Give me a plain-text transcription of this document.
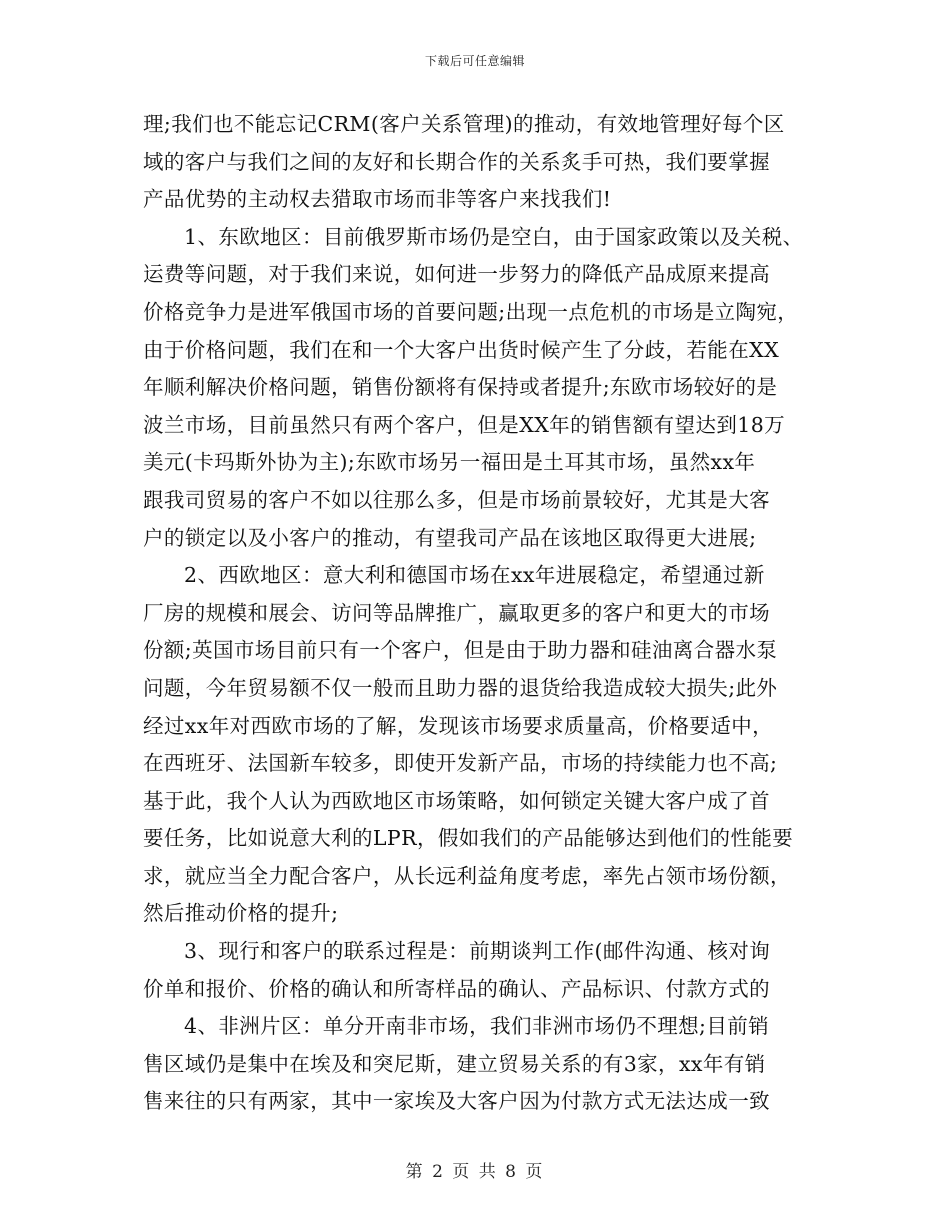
下载后可任意编辑
理;我们也不能忘记CRM(客户关系管理)的推动，有效地管理好每个区
域的客户与我们之间的友好和长期合作的关系炙手可热，我们要掌握
产品优势的主动权去猎取市场而非等客户来找我们!
1、东欧地区：目前俄罗斯市场仍是空白，由于国家政策以及关税、
运费等问题，对于我们来说，如何进一步努力的降低产品成原来提高
价格竞争力是进军俄国市场的首要问题;出现一点危机的市场是立陶宛，
由于价格问题，我们在和一个大客户出货时候产生了分歧，若能在XX
年顺利解决价格问题，销售份额将有保持或者提升;东欧市场较好的是
波兰市场，目前虽然只有两个客户，但是XX年的销售额有望达到18万
美元(卡玛斯外协为主);东欧市场另一福田是土耳其市场，虽然xx年
跟我司贸易的客户不如以往那么多，但是市场前景较好，尤其是大客
户的锁定以及小客户的推动，有望我司产品在该地区取得更大进展;
2、西欧地区：意大利和德国市场在xx年进展稳定，希望通过新
厂房的规模和展会、访问等品牌推广，赢取更多的客户和更大的市场
份额;英国市场目前只有一个客户，但是由于助力器和硅油离合器水泵
问题，今年贸易额不仅一般而且助力器的退货给我造成较大损失;此外
经过xx年对西欧市场的了解，发现该市场要求质量高，价格要适中，
在西班牙、法国新车较多，即使开发新产品，市场的持续能力也不高;
基于此，我个人认为西欧地区市场策略，如何锁定关键大客户成了首
要任务，比如说意大利的LPR，假如我们的产品能够达到他们的性能要
求，就应当全力配合客户，从长远利益角度考虑，率先占领市场份额，
然后推动价格的提升;
3、现行和客户的联系过程是：前期谈判工作(邮件沟通、核对询
价单和报价、价格的确认和所寄样品的确认、产品标识、付款方式的
4、非洲片区：单分开南非市场，我们非洲市场仍不理想;目前销
售区域仍是集中在埃及和突尼斯，建立贸易关系的有3家，xx年有销
售来往的只有两家，其中一家埃及大客户因为付款方式无法达成一致
第 2 页 共 8 页
